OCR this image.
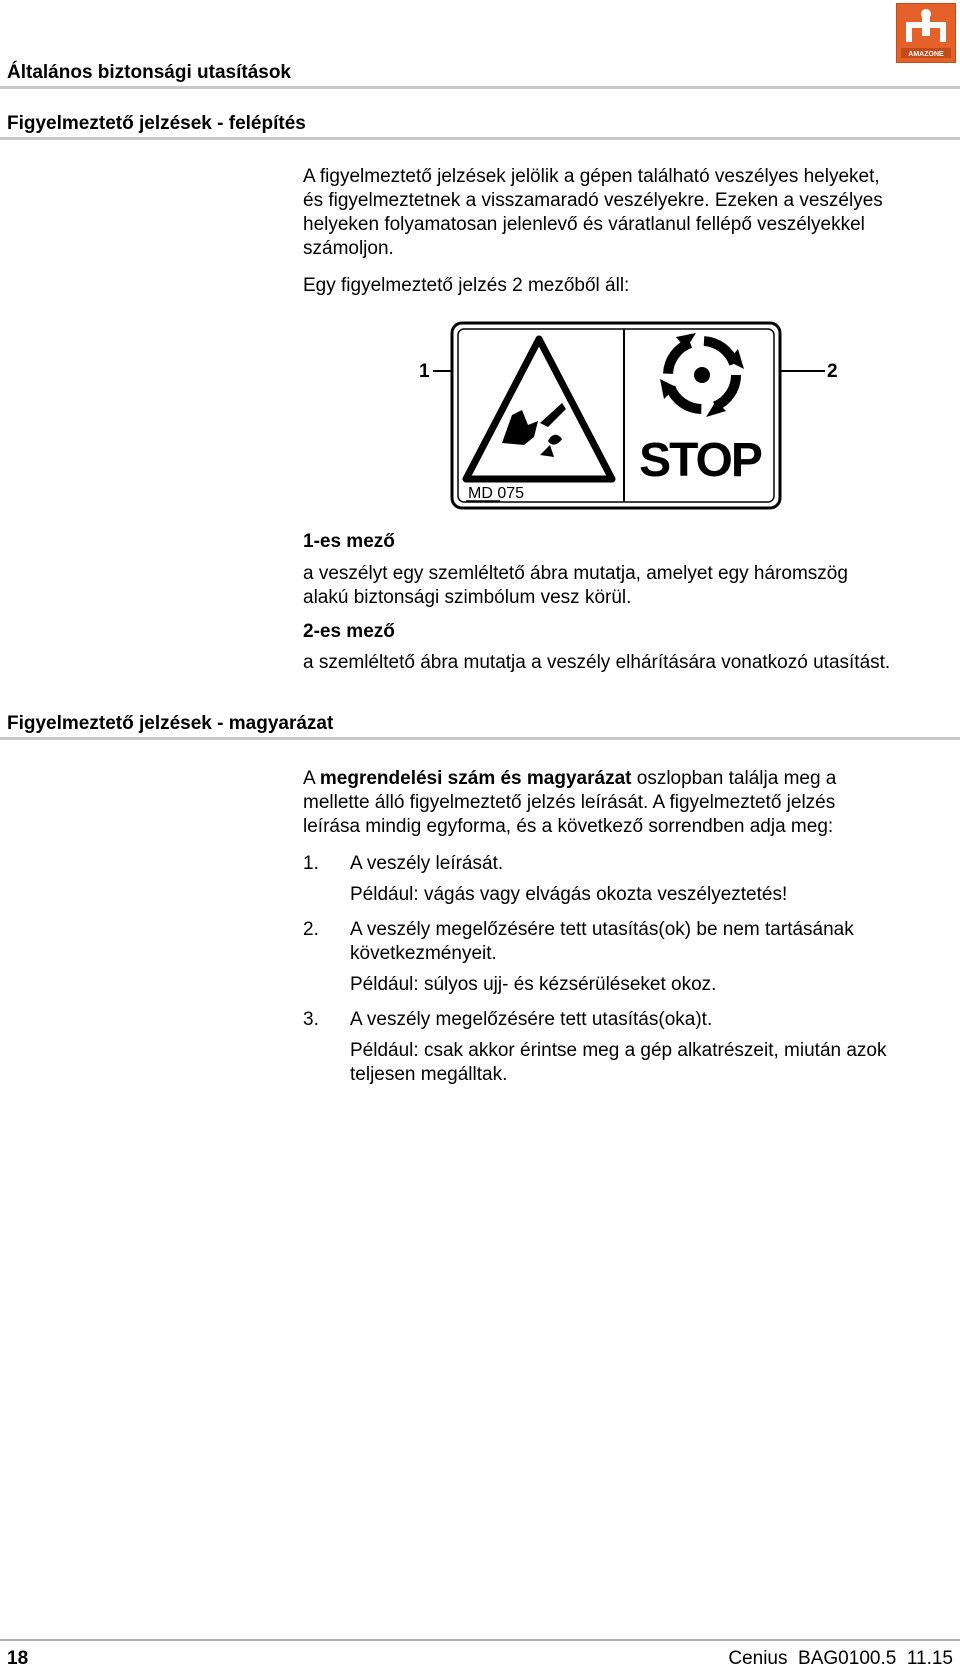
Általános biztonsági utasítások
AMAZONE
Figyelmeztető jelzések - felépítés
A figyelmeztető jelzések jelölik a gépen található veszélyes helyeket,
és figyelmeztetnek a visszamaradó veszélyekre. Ezeken a veszélyes
helyeken folyamatosan jelenlevő és váratlanul fellépő veszélyekkel
számoljon.
Egy figyelmeztető jelzés 2 mezőből áll:
1	2
MD 075
STOP
1-es mező
a veszélyt egy szemléltető ábra mutatja, amelyet egy háromszög
alakú biztonsági szimbólum vesz körül.
2-es mező
a szemléltető ábra mutatja a veszély elhárítására vonatkozó utasítást.
Figyelmeztető jelzések - magyarázat
A megrendelési szám és magyarázat oszlopban találja meg a
mellette álló figyelmeztető jelzés leírását. A figyelmeztető jelzés
leírása mindig egyforma, és a következő sorrendben adja meg:
1.	A veszély leírását.
Például: vágás vagy elvágás okozta veszélyeztetés!
2.	A veszély megelőzésére tett utasítás(ok) be nem tartásának
következményeit.
Például: súlyos ujj- és kézsérüléseket okoz.
3.	A veszély megelőzésére tett utasítás(oka)t.
Például: csak akkor érintse meg a gép alkatrészeit, miután azok
teljesen megálltak.
18	Cenius  BAG0100.5  11.15
